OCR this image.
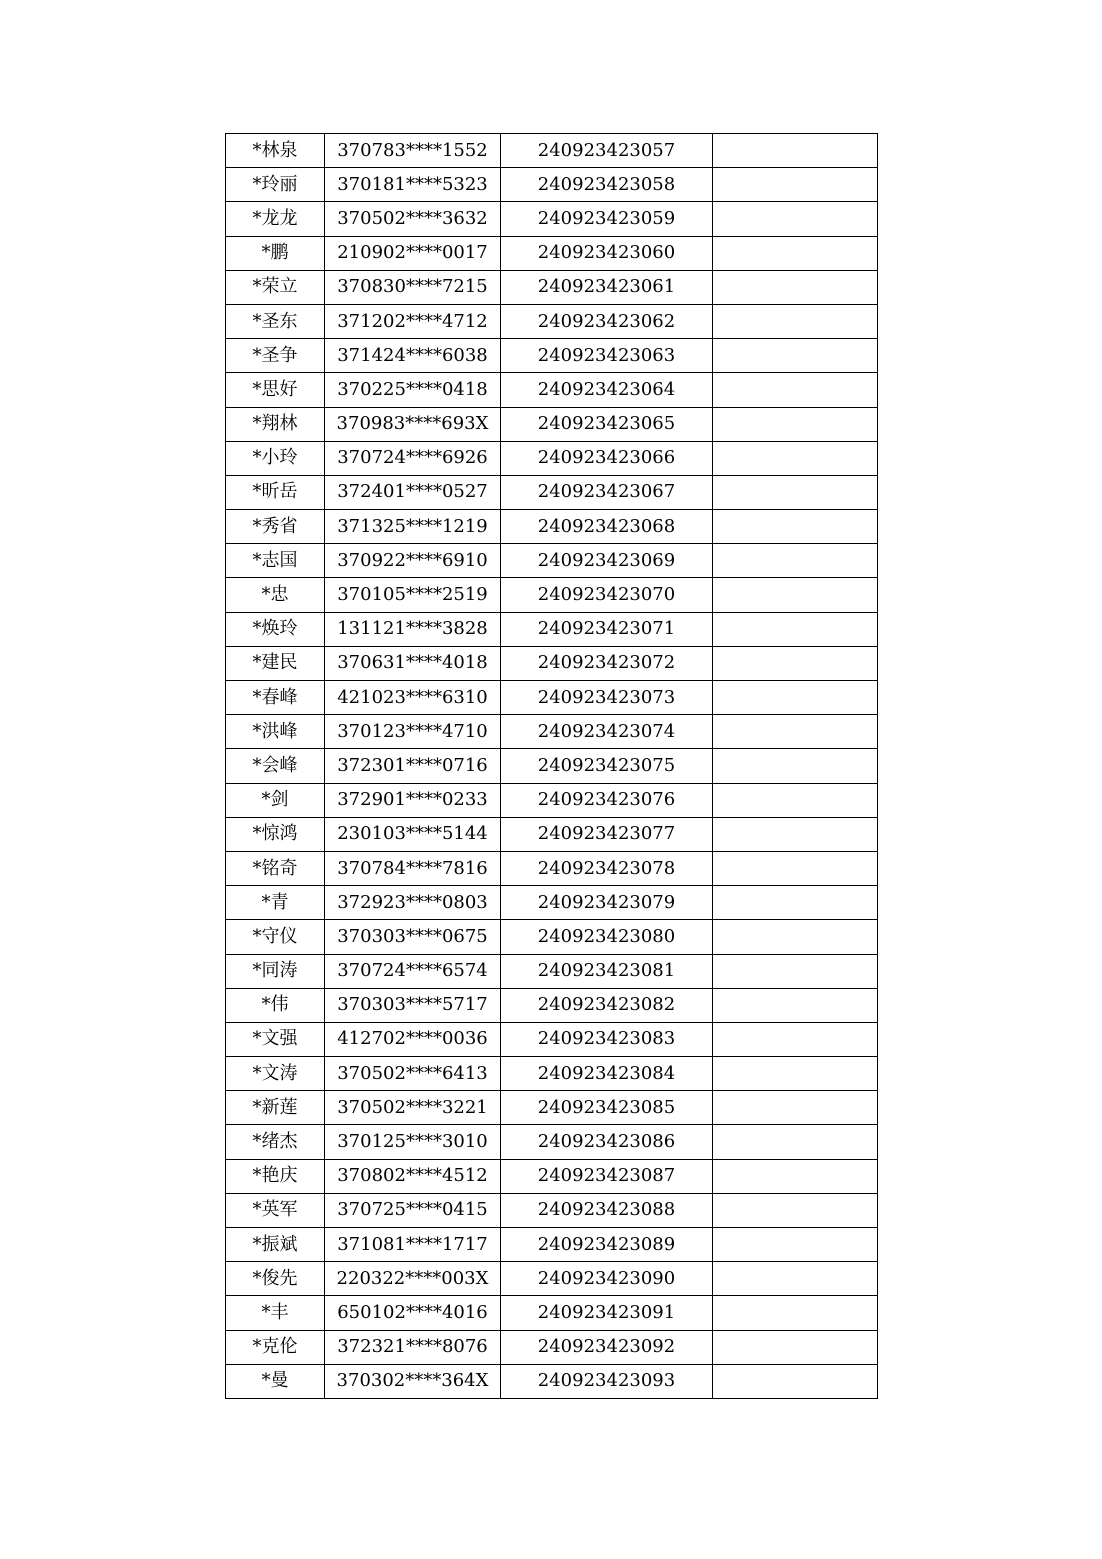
*林泉	370783****1552	240923423057	
*玲丽	370181****5323	240923423058	
*龙龙	370502****3632	240923423059	
*鹏	210902****0017	240923423060	
*荣立	370830****7215	240923423061	
*圣东	371202****4712	240923423062	
*圣争	371424****6038	240923423063	
*思好	370225****0418	240923423064	
*翔林	370983****693X	240923423065	
*小玲	370724****6926	240923423066	
*昕岳	372401****0527	240923423067	
*秀省	371325****1219	240923423068	
*志国	370922****6910	240923423069	
*忠	370105****2519	240923423070	
*焕玲	131121****3828	240923423071	
*建民	370631****4018	240923423072	
*春峰	421023****6310	240923423073	
*洪峰	370123****4710	240923423074	
*会峰	372301****0716	240923423075	
*剑	372901****0233	240923423076	
*惊鸿	230103****5144	240923423077	
*铭奇	370784****7816	240923423078	
*青	372923****0803	240923423079	
*守仪	370303****0675	240923423080	
*同涛	370724****6574	240923423081	
*伟	370303****5717	240923423082	
*文强	412702****0036	240923423083	
*文涛	370502****6413	240923423084	
*新莲	370502****3221	240923423085	
*绪杰	370125****3010	240923423086	
*艳庆	370802****4512	240923423087	
*英军	370725****0415	240923423088	
*振斌	371081****1717	240923423089	
*俊先	220322****003X	240923423090	
*丰	650102****4016	240923423091	
*克伦	372321****8076	240923423092	
*曼	370302****364X	240923423093	
